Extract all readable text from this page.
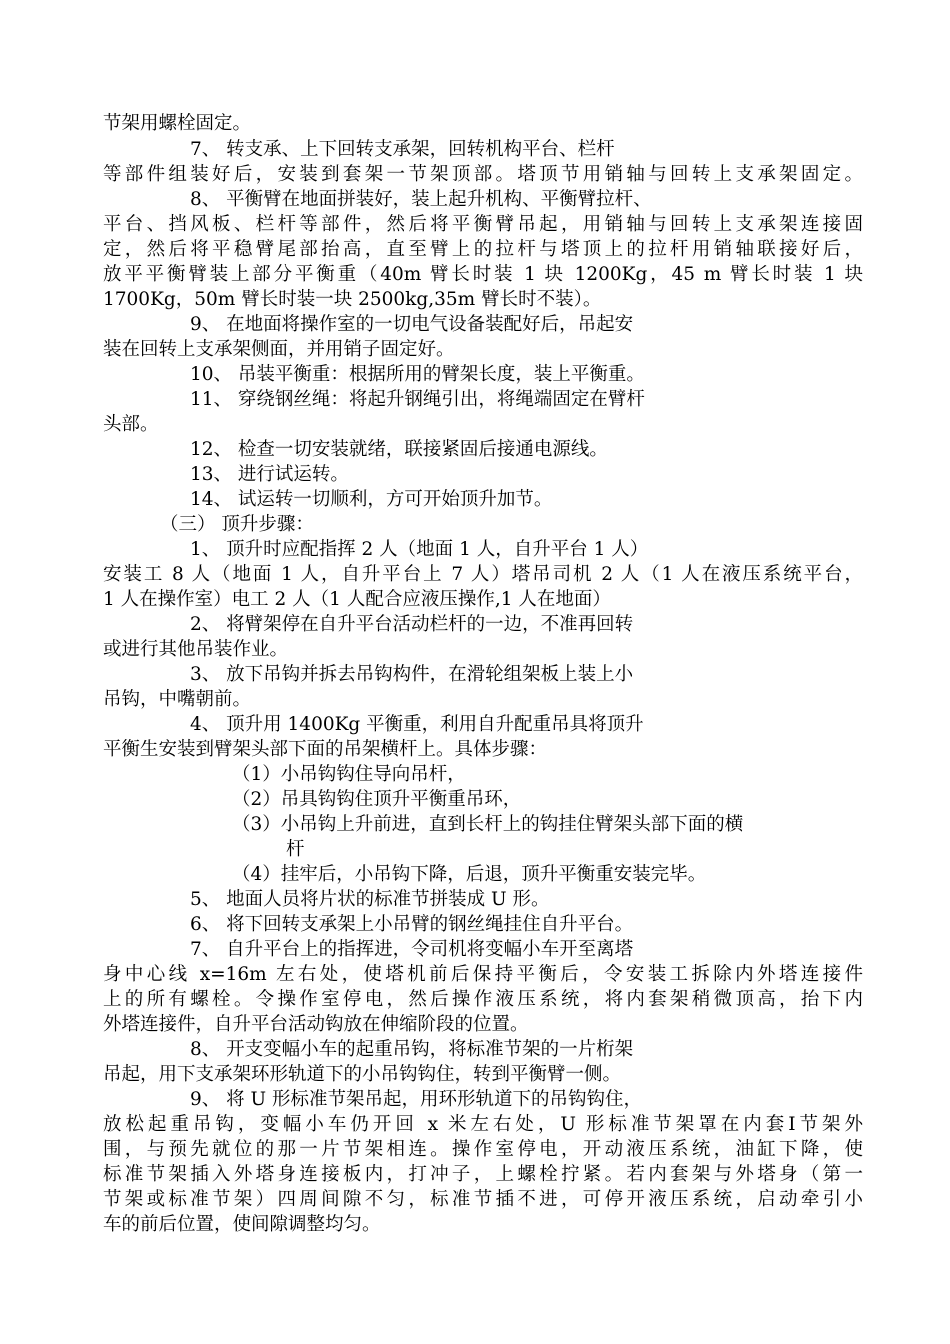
节架用螺栓固定。
7、 转支承、上下回转支承架，回转机构平台、栏杆
等部件组装好后，安装到套架一节架顶部。塔顶节用销轴与回转上支承架固定。
8、 平衡臂在地面拼装好，装上起升机构、平衡臂拉杆、
平台、挡风板、栏杆等部件，然后将平衡臂吊起，用销轴与回转上支承架连接固
定，然后将平稳臂尾部抬高，直至臂上的拉杆与塔顶上的拉杆用销轴联接好后，
放平平衡臂装上部分平衡重（40m 臂长时装 1 块 1200Kg，45 m 臂长时装 1 块
1700Kg，50m 臂长时装一块 2500kg,35m 臂长时不装）。
9、 在地面将操作室的一切电气设备装配好后，吊起安
装在回转上支承架侧面，并用销子固定好。
10、 吊装平衡重：根据所用的臂架长度，装上平衡重。
11、 穿绕钢丝绳：将起升钢绳引出，将绳端固定在臂杆
头部。
12、 检查一切安装就绪，联接紧固后接通电源线。
13、 进行试运转。
14、 试运转一切顺利，方可开始顶升加节。
（三） 顶升步骤：
1、 顶升时应配指挥 2 人（地面 1 人，自升平台 1 人）
安装工 8 人（地面 1 人，自升平台上 7 人）塔吊司机 2 人（1 人在液压系统平台，
1 人在操作室）电工 2 人（1 人配合应液压操作,1 人在地面）
2、 将臂架停在自升平台活动栏杆的一边，不准再回转
或进行其他吊装作业。
3、 放下吊钩并拆去吊钩构件，在滑轮组架板上装上小
吊钩，中嘴朝前。
4、 顶升用 1400Kg 平衡重，利用自升配重吊具将顶升
平衡生安装到臂架头部下面的吊架横杆上。具体步骤：
（1）小吊钩钩住导向吊杆，
（2）吊具钩钩住顶升平衡重吊环，
（3）小吊钩上升前进，直到长杆上的钩挂住臂架头部下面的横
杆
（4）挂牢后，小吊钩下降，后退，顶升平衡重安装完毕。
5、 地面人员将片状的标准节拼装成 U 形。
6、 将下回转支承架上小吊臂的钢丝绳挂住自升平台。
7、 自升平台上的指挥进，令司机将变幅小车开至离塔
身中心线 x=16m 左右处，使塔机前后保持平衡后，令安装工拆除内外塔连接件
上的所有螺栓。令操作室停电，然后操作液压系统，将内套架稍微顶高，抬下内
外塔连接件，自升平台活动钩放在伸缩阶段的位置。
8、 开支变幅小车的起重吊钩，将标准节架的一片桁架
吊起，用下支承架环形轨道下的小吊钩钩住，转到平衡臂一侧。
9、 将 U 形标准节架吊起，用环形轨道下的吊钩钩住，
放松起重吊钩，变幅小车仍开回 x 米左右处，U 形标准节架罩在内套Ⅰ节架外
围，与预先就位的那一片节架相连。操作室停电，开动液压系统，油缸下降，使
标准节架插入外塔身连接板内，打冲子，上螺栓拧紧。若内套架与外塔身（第一
节架或标准节架）四周间隙不匀，标准节插不进，可停开液压系统，启动牵引小
车的前后位置，使间隙调整均匀。
